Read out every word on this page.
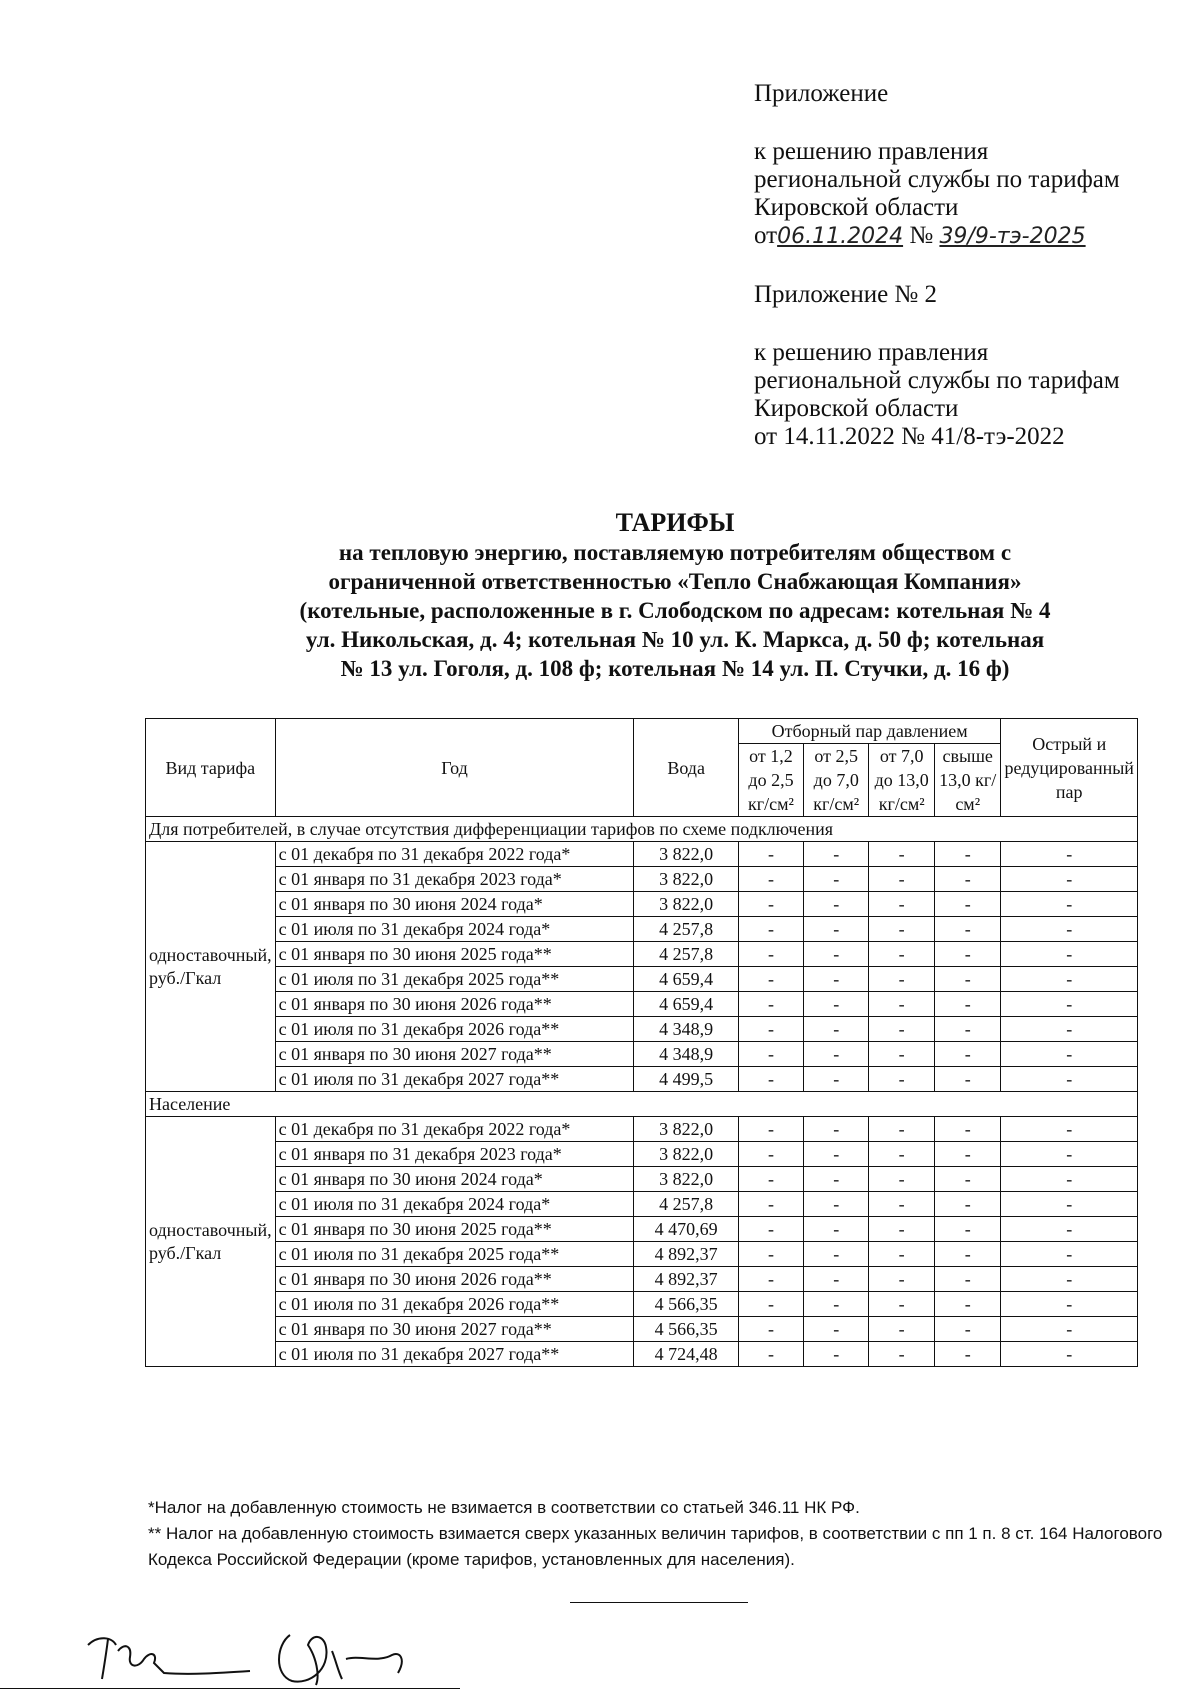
Приложение

к решению правления

региональной службы по тарифам

Кировской области

от06.11.2024 № 39/9-тэ-2025

Приложение № 2

к решению правления

региональной службы по тарифам

Кировской области

от 14.11.2022 № 41/8-тэ-2022

ТАРИФЫ
на тепловую энергию, поставляемую потребителям обществом с
ограниченной ответственностью «Тепло Снабжающая Компания»
(котельные, расположенные в г. Слободском по адресам: котельная № 4
ул. Никольская, д. 4; котельная № 10 ул. К. Маркса, д. 50 ф; котельная
№ 13 ул. Гоголя, д. 108 ф; котельная № 14 ул. П. Стучки, д. 16 ф)
Вид тарифа	Год	Вода	Отборный пар давлением				Острый и редуцированный пар
			от 1,2 до 2,5 кг/см²	от 2,5 до 7,0 кг/см²	от 7,0 до 13,0 кг/см²	свыше 13,0 кг/см²	
Для потребителей, в случае отсутствия дифференциации тарифов по схеме подключения							
одноставочный, руб./Гкал	с 01 декабря по 31 декабря 2022 года*	3 822,0	-	-	-	-	-
	с 01 января по 31 декабря 2023 года*	3 822,0	-	-	-	-	-
	с 01 января по 30 июня 2024 года*	3 822,0	-	-	-	-	-
	с 01 июля по 31 декабря 2024 года*	4 257,8	-	-	-	-	-
	с 01 января по 30 июня 2025 года**	4 257,8	-	-	-	-	-
	с 01 июля по 31 декабря 2025 года**	4 659,4	-	-	-	-	-
	с 01 января по 30 июня 2026 года**	4 659,4	-	-	-	-	-
	с 01 июля по 31 декабря 2026 года**	4 348,9	-	-	-	-	-
	с 01 января по 30 июня 2027 года**	4 348,9	-	-	-	-	-
	с 01 июля по 31 декабря 2027 года**	4 499,5	-	-	-	-	-
Население							
одноставочный, руб./Гкал	с 01 декабря по 31 декабря 2022 года*	3 822,0	-	-	-	-	-
	с 01 января по 31 декабря 2023 года*	3 822,0	-	-	-	-	-
	с 01 января по 30 июня 2024 года*	3 822,0	-	-	-	-	-
	с 01 июля по 31 декабря 2024 года*	4 257,8	-	-	-	-	-
	с 01 января по 30 июня 2025 года**	4 470,69	-	-	-	-	-
	с 01 июля по 31 декабря 2025 года**	4 892,37	-	-	-	-	-
	с 01 января по 30 июня 2026 года**	4 892,37	-	-	-	-	-
	с 01 июля по 31 декабря 2026 года**	4 566,35	-	-	-	-	-
	с 01 января по 30 июня 2027 года**	4 566,35	-	-	-	-	-
	с 01 июля по 31 декабря 2027 года**	4 724,48	-	-	-	-	-

*Налог на добавленную стоимость не взимается в соответствии со статьей 346.11 НК РФ.

** Налог на добавленную стоимость взимается сверх указанных величин тарифов, в соответствии с пп 1 п. 8 ст. 164 Налогового Кодекса Российской Федерации (кроме тарифов, установленных для населения).
